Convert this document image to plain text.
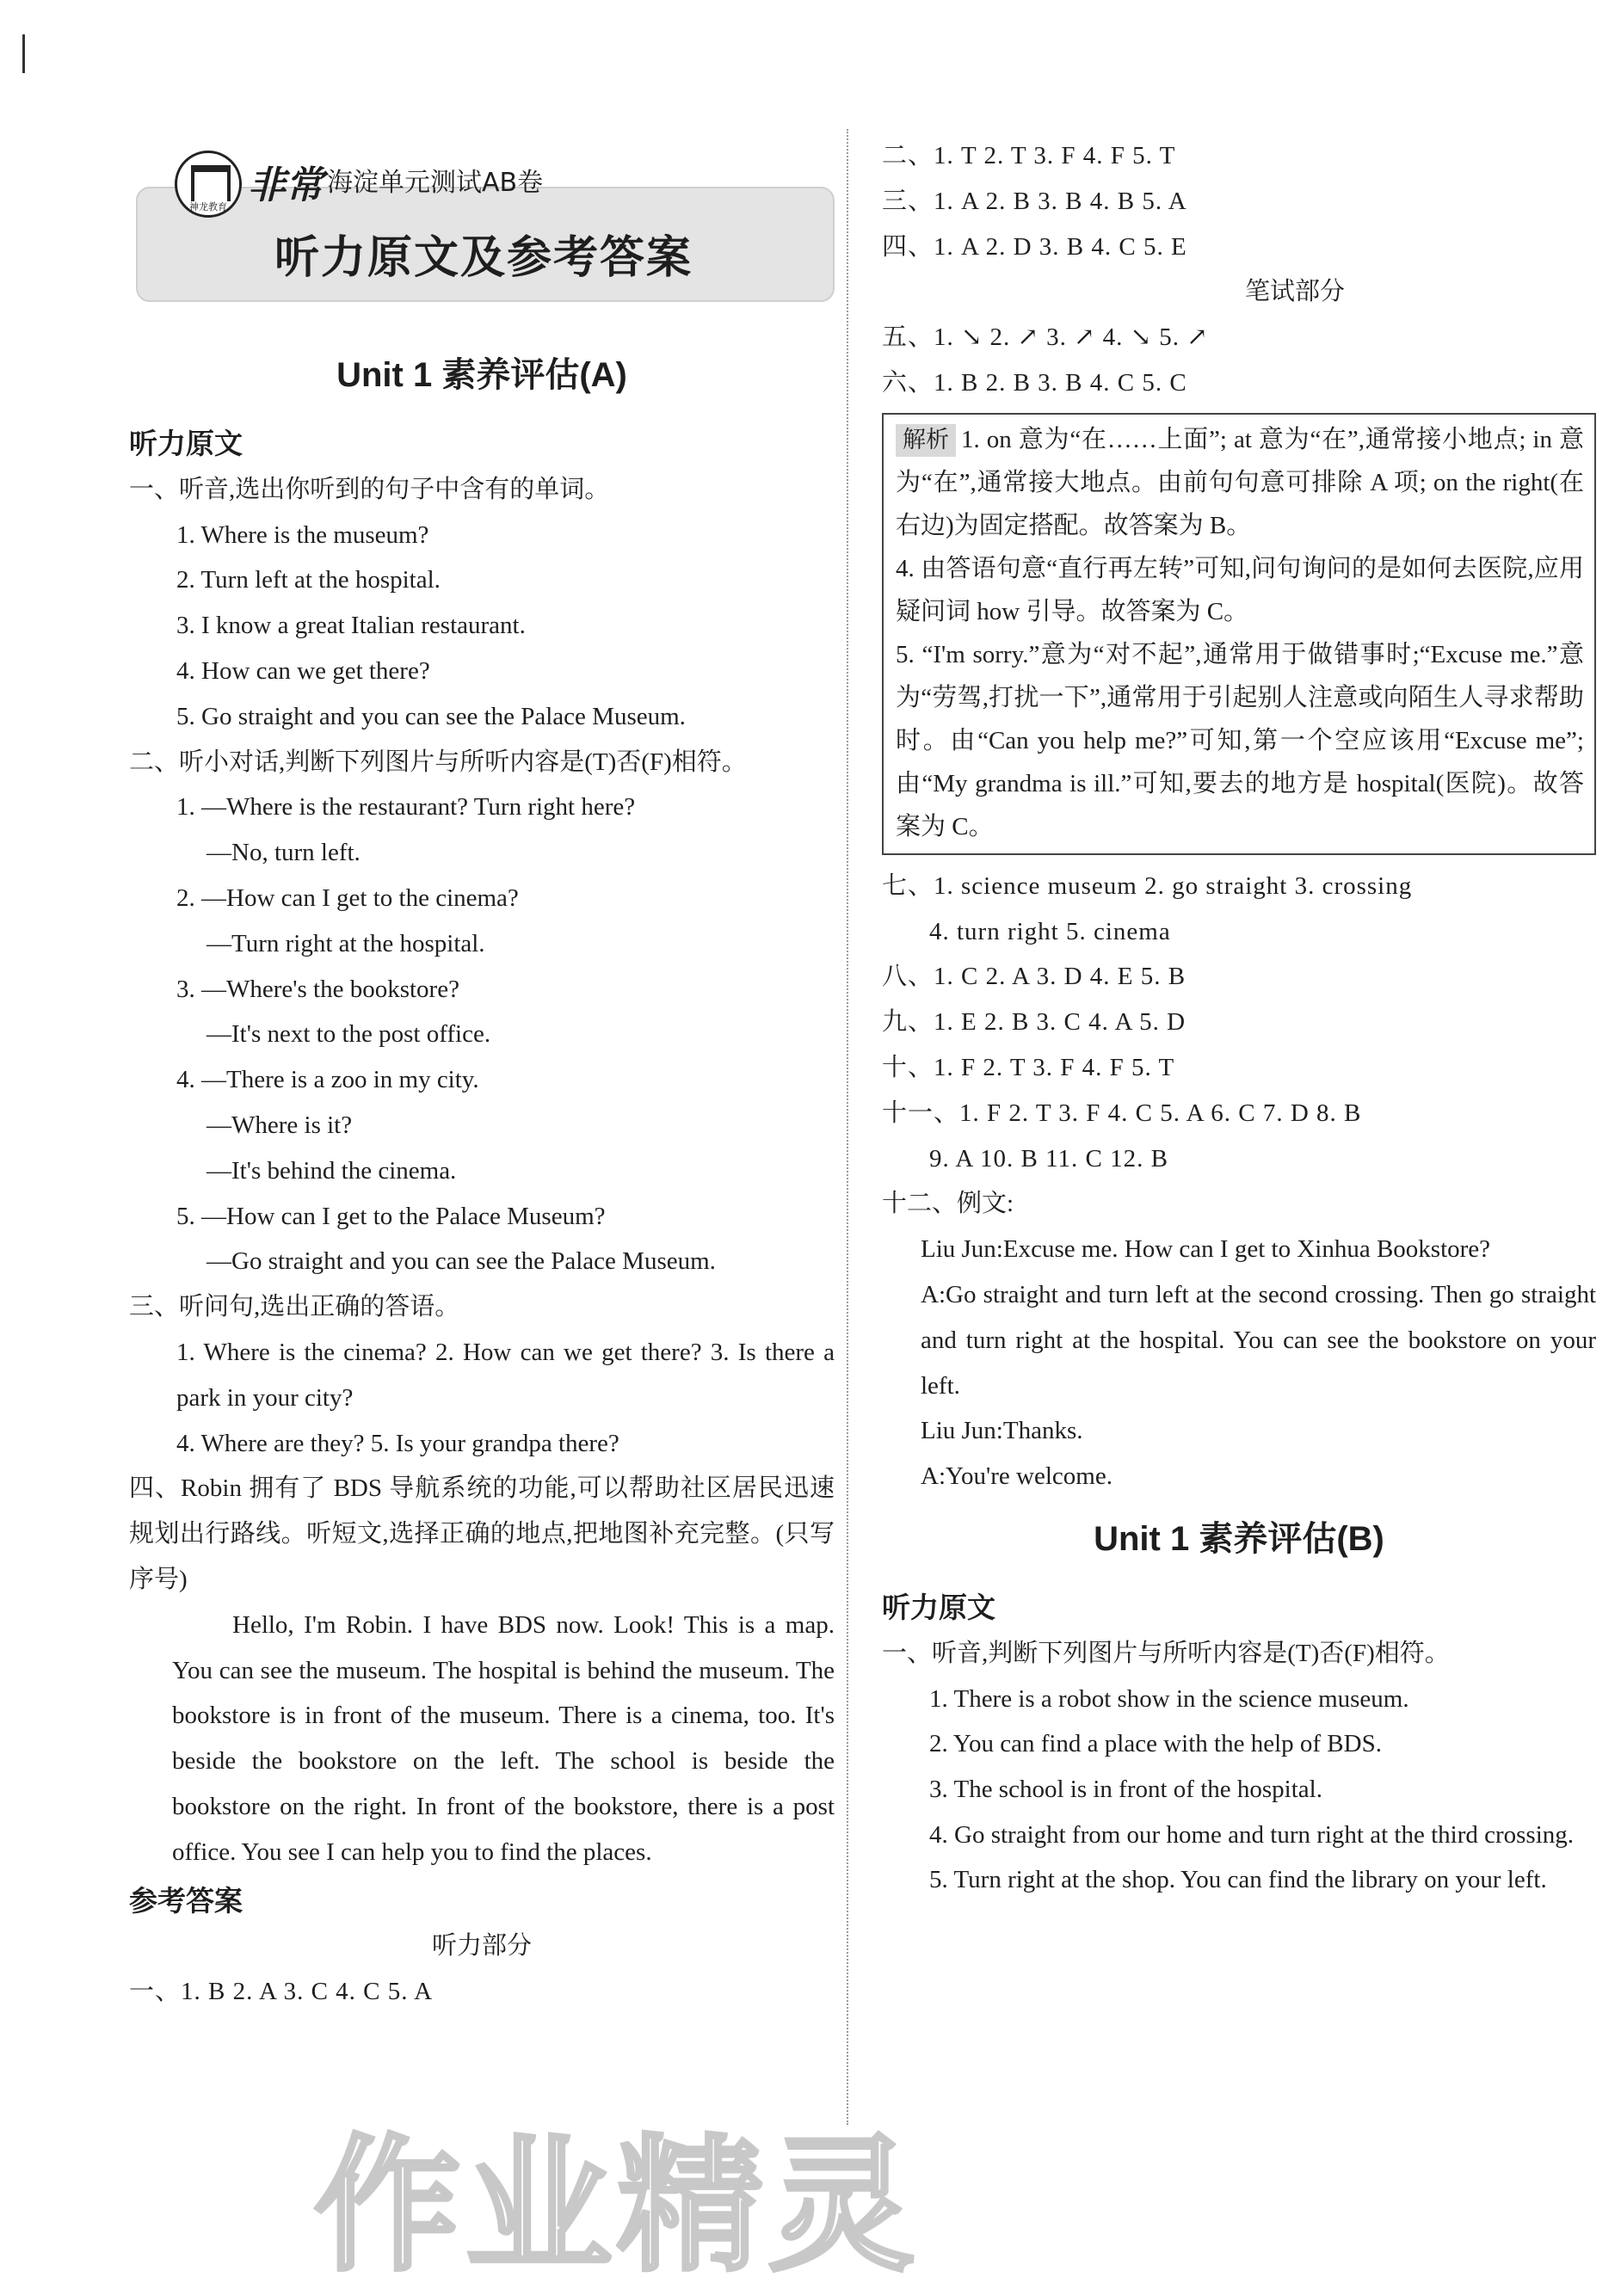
神龙教育 非常 海淀单元测试AB卷
听力原文及参考答案
Unit 1 素养评估(A)
听力原文
一、听音,选出你听到的句子中含有的单词。
1. Where is the museum?
2. Turn left at the hospital.
3. I know a great Italian restaurant.
4. How can we get there?
5. Go straight and you can see the Palace Museum.
二、听小对话,判断下列图片与所听内容是(T)否(F)相符。
1. —Where is the restaurant? Turn right here?
—No, turn left.
2. —How can I get to the cinema?
—Turn right at the hospital.
3. —Where's the bookstore?
—It's next to the post office.
4. —There is a zoo in my city.
—Where is it?
—It's behind the cinema.
5. —How can I get to the Palace Museum?
—Go straight and you can see the Palace Museum.
三、听问句,选出正确的答语。
1. Where is the cinema? 2. How can we get there? 3. Is there a park in your city?
4. Where are they? 5. Is your grandpa there?
四、Robin 拥有了 BDS 导航系统的功能,可以帮助社区居民迅速规划出行路线。听短文,选择正确的地点,把地图补充完整。(只写序号)
Hello, I'm Robin. I have BDS now. Look! This is a map. You can see the museum. The hospital is behind the museum. The bookstore is in front of the museum. There is a cinema, too. It's beside the bookstore on the left. The school is beside the bookstore on the right. In front of the bookstore, there is a post office. You see I can help you to find the places.
参考答案
听力部分
一、1. B 2. A 3. C 4. C 5. A
二、1. T 2. T 3. F 4. F 5. T
三、1. A 2. B 3. B 4. B 5. A
四、1. A 2. D 3. B 4. C 5. E
笔试部分
五、1. ↘ 2. ↗ 3. ↗ 4. ↘ 5. ↗
六、1. B 2. B 3. B 4. C 5. C
解析 1. on 意为“在……上面”; at 意为“在”,通常接小地点; in 意为“在”,通常接大地点。由前句句意可排除 A 项; on the right(在右边)为固定搭配。故答案为 B。
4. 由答语句意“直行再左转”可知,问句询问的是如何去医院,应用疑问词 how 引导。故答案为 C。
5. “I'm sorry.”意为“对不起”,通常用于做错事时;“Excuse me.”意为“劳驾,打扰一下”,通常用于引起别人注意或向陌生人寻求帮助时。由“Can you help me?”可知,第一个空应该用“Excuse me”;由“My grandma is ill.”可知,要去的地方是 hospital(医院)。故答案为 C。
七、1. science museum 2. go straight 3. crossing
4. turn right 5. cinema
八、1. C 2. A 3. D 4. E 5. B
九、1. E 2. B 3. C 4. A 5. D
十、1. F 2. T 3. F 4. F 5. T
十一、1. F 2. T 3. F 4. C 5. A 6. C 7. D 8. B
9. A 10. B 11. C 12. B
十二、例文:
Liu Jun:Excuse me. How can I get to Xinhua Bookstore?
A:Go straight and turn left at the second crossing. Then go straight and turn right at the hospital. You can see the bookstore on your left.
Liu Jun:Thanks.
A:You're welcome.
Unit 1 素养评估(B)
听力原文
一、听音,判断下列图片与所听内容是(T)否(F)相符。
1. There is a robot show in the science museum.
2. You can find a place with the help of BDS.
3. The school is in front of the hospital.
4. Go straight from our home and turn right at the third crossing.
5. Turn right at the shop. You can find the library on your left.
作业精灵
